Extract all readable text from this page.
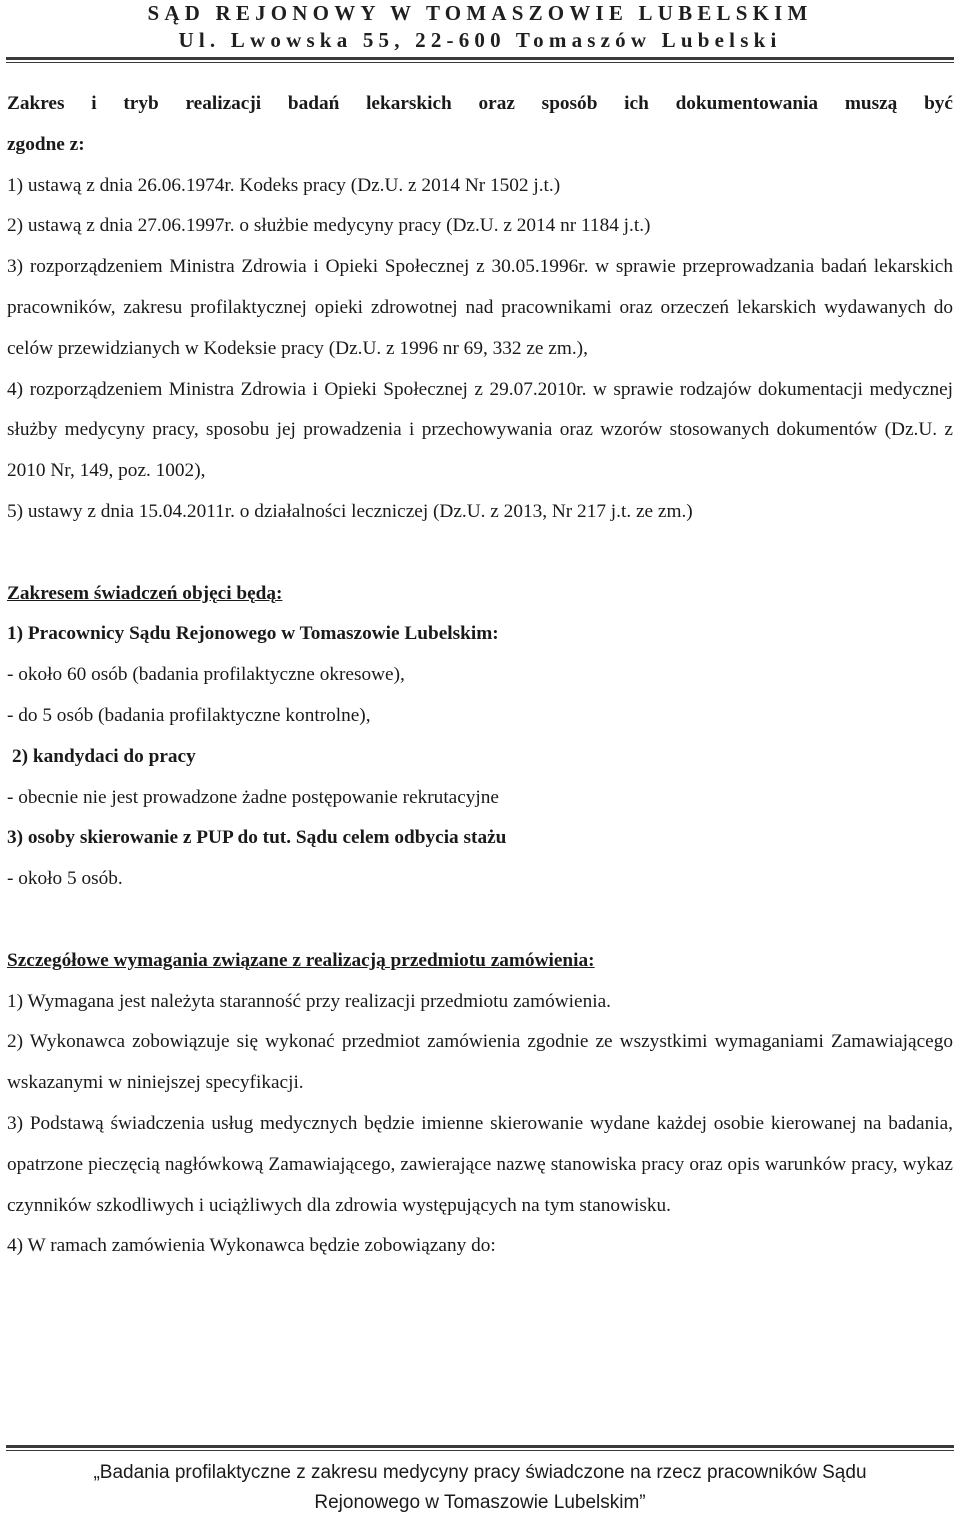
SĄD REJONOWY W TOMASZOWIE LUBELSKIM
Ul. Lwowska 55, 22-600 Tomaszów Lubelski

Zakres i tryb realizacji badań lekarskich oraz sposób ich dokumentowania muszą być

zgodne z:

1) ustawą z dnia 26.06.1974r. Kodeks pracy (Dz.U. z 2014 Nr 1502 j.t.)

2) ustawą z dnia 27.06.1997r. o służbie medycyny pracy (Dz.U. z 2014 nr 1184 j.t.)

3) rozporządzeniem Ministra Zdrowia i Opieki Społecznej z 30.05.1996r. w sprawie przeprowadzania badań lekarskich pracowników, zakresu profilaktycznej opieki zdrowotnej nad pracownikami oraz orzeczeń lekarskich wydawanych do celów przewidzianych w Kodeksie pracy (Dz.U. z 1996 nr 69, 332 ze zm.),

4) rozporządzeniem Ministra Zdrowia i Opieki Społecznej z 29.07.2010r. w sprawie rodzajów dokumentacji medycznej służby medycyny pracy, sposobu jej prowadzenia i przechowywania oraz wzorów stosowanych dokumentów (Dz.U. z 2010 Nr, 149, poz. 1002),

5) ustawy z dnia 15.04.2011r. o działalności leczniczej (Dz.U. z 2013, Nr 217 j.t. ze zm.)

Zakresem świadczeń objęci będą:

1) Pracownicy Sądu Rejonowego w Tomaszowie Lubelskim:

- około 60 osób (badania profilaktyczne okresowe),

- do 5 osób (badania profilaktyczne kontrolne),

2) kandydaci do pracy

- obecnie nie jest prowadzone żadne postępowanie rekrutacyjne

3) osoby skierowanie z PUP do tut. Sądu celem odbycia stażu

- około 5 osób.

Szczegółowe wymagania związane z realizacją przedmiotu zamówienia:

1) Wymagana jest należyta staranność przy realizacji przedmiotu zamówienia.

2) Wykonawca zobowiązuje się wykonać przedmiot zamówienia zgodnie ze wszystkimi wymaganiami Zamawiającego wskazanymi w niniejszej specyfikacji.

3) Podstawą świadczenia usług medycznych będzie imienne skierowanie wydane każdej osobie kierowanej na badania, opatrzone pieczęcią nagłówkową Zamawiającego, zawierające nazwę stanowiska pracy oraz opis warunków pracy, wykaz czynników szkodliwych i uciążliwych dla zdrowia występujących na tym stanowisku.

4) W ramach zamówienia Wykonawca będzie zobowiązany do:

„Badania profilaktyczne z zakresu medycyny pracy świadczone na rzecz pracowników Sądu
Rejonowego w Tomaszowie Lubelskim”
